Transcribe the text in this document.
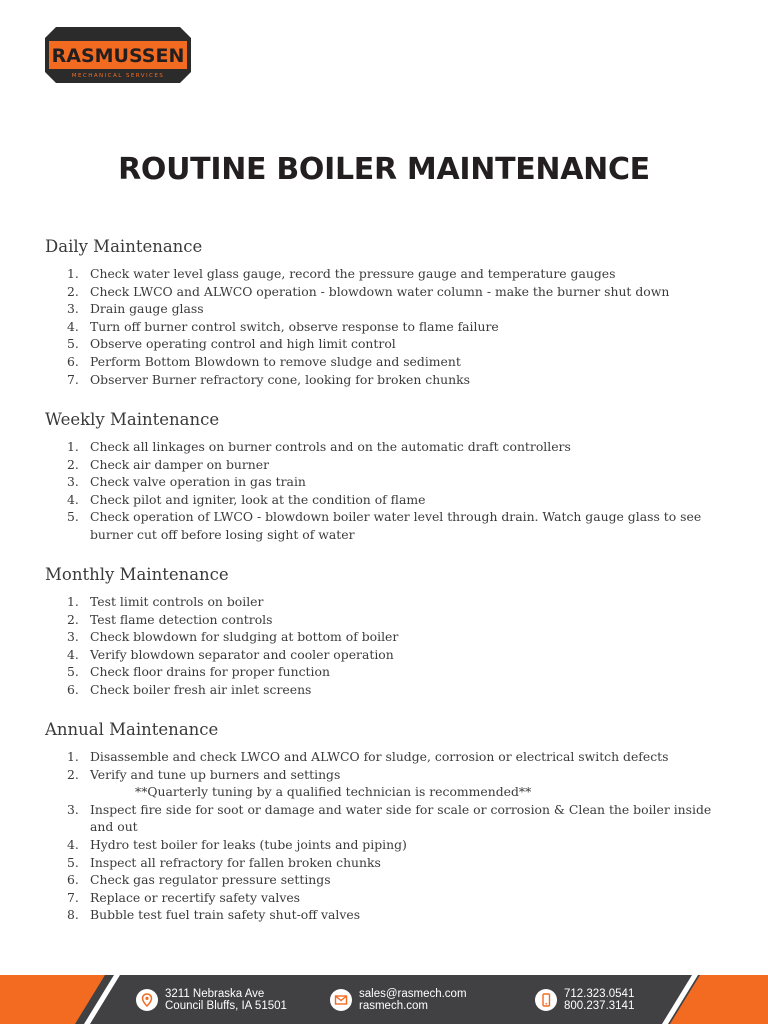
RASMUSSEN
MECHANICAL SERVICES
ROUTINE BOILER MAINTENANCE
Daily Maintenance
1. Check water level glass gauge, record the pressure gauge and temperature gauges
2. Check LWCO and ALWCO operation - blowdown water column - make the burner shut down
3. Drain gauge glass
4. Turn off burner control switch, observe response to flame failure
5. Observe operating control and high limit control
6. Perform Bottom Blowdown to remove sludge and sediment
7. Observer Burner refractory cone, looking for broken chunks
Weekly Maintenance
1. Check all linkages on burner controls and on the automatic draft controllers
2. Check air damper on burner
3. Check valve operation in gas train
4. Check pilot and igniter, look at the condition of flame
5. Check operation of LWCO - blowdown boiler water level through drain. Watch gauge glass to see burner cut off before losing sight of water
Monthly Maintenance
1. Test limit controls on boiler
2. Test flame detection controls
3. Check blowdown for sludging at bottom of boiler
4. Verify blowdown separator and cooler operation
5. Check floor drains for proper function
6. Check boiler fresh air inlet screens
Annual Maintenance
1. Disassemble and check LWCO and ALWCO for sludge, corrosion or electrical switch defects
2. Verify and tune up burners and settings
**Quarterly tuning by a qualified technician is recommended**
3. Inspect fire side for soot or damage and water side for scale or corrosion & Clean the boiler inside and out
4. Hydro test boiler for leaks (tube joints and piping)
5. Inspect all refractory for fallen broken chunks
6. Check gas regulator pressure settings
7. Replace or recertify safety valves
8. Bubble test fuel train safety shut-off valves
3211 Nebraska Ave
Council Bluffs, IA 51501
sales@rasmech.com
rasmech.com
712.323.0541
800.237.3141
